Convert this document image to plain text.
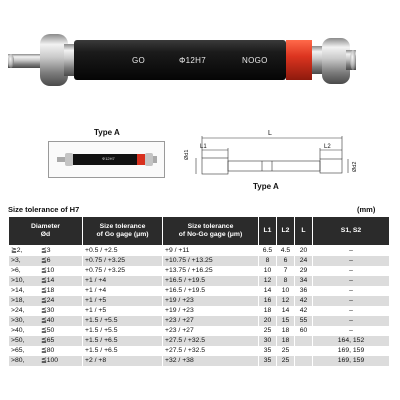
GO	Φ12H7	NOGO
Type A
Φ12H7
L
L1	L2
Ød1
Ød2
Type A
Size tolerance of H7	(mm)
Diameter
Ød	Size tolerance
of Go gage (μm)	Size tolerance
of No-Go gage (μm)	L1	L2	L	S1, S2
≧2, ≦3	+0.5 / +2.5	+9 / +11	6.5	4.5	20	–
>3, ≦6	+0.75 / +3.25	+10.75 / +13.25	8	6	24	–
>6, ≦10	+0.75 / +3.25	+13.75 / +16.25	10	7	29	–
>10, ≦14	+1 / +4	+16.5 / +19.5	12	8	34	–
>14, ≦18	+1 / +4	+16.5 / +19.5	14	10	36	–
>18, ≦24	+1 / +5	+19 / +23	16	12	42	–
>24, ≦30	+1 / +5	+19 / +23	18	14	42	–
>30, ≦40	+1.5 / +5.5	+23 / +27	20	15	55	–
>40, ≦50	+1.5 / +5.5	+23 / +27	25	18	60	–
>50, ≦65	+1.5 / +6.5	+27.5 / +32.5	30	18		164, 152
>65, ≦80	+1.5 / +6.5	+27.5 / +32.5	35	25		169, 159
>80, ≦100	+2 / +8	+32 / +38	35	25		169, 159
